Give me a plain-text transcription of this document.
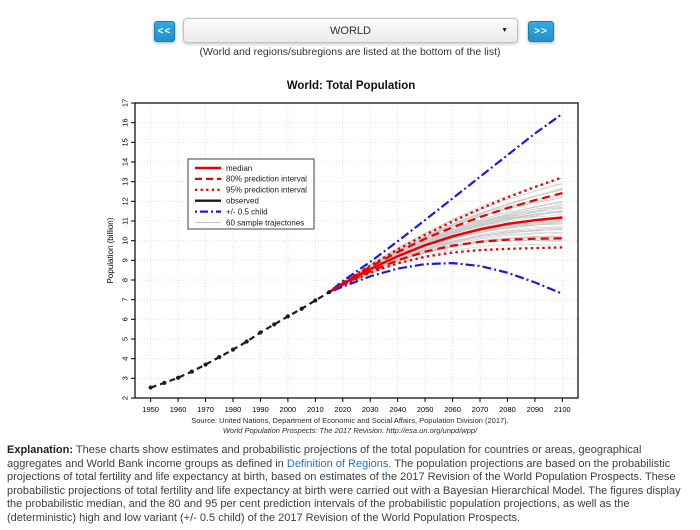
<<	WORLD	▼	>>
(World and regions/subregions are listed at the bottom of the list)
World: Total Population
1950 1960 1970 1980 1990 2000 2010 2020 2030 2040 2050 2060 2070 2080 2090 2100
2
3
4
5
6
7
8
9
10
11
12
13
14
15
16
17
Population (billion)
median
80% prediction interval
95% prediction interval
observed
+/- 0.5 child
60 sample trajectories
Source: United Nations, Department of Economic and Social Affairs, Population Division (2017).
World Population Prospects: The 2017 Revision. http://esa.un.org/unpd/wpp/
Explanation: These charts show estimates and probabilistic projections of the total population for countries or areas, geographical aggregates and World Bank income groups as defined in Definition of Regions. The population projections are based on the probabilistic projections of total fertility and life expectancy at birth, based on estimates of the 2017 Revision of the World Population Prospects. These probabilistic projections of total fertility and life expectancy at birth were carried out with a Bayesian Hierarchical Model. The figures display the probabilistic median, and the 80 and 95 per cent prediction intervals of the probabilistic population projections, as well as the (deterministic) high and low variant (+/- 0.5 child) of the 2017 Revision of the World Population Prospects.
